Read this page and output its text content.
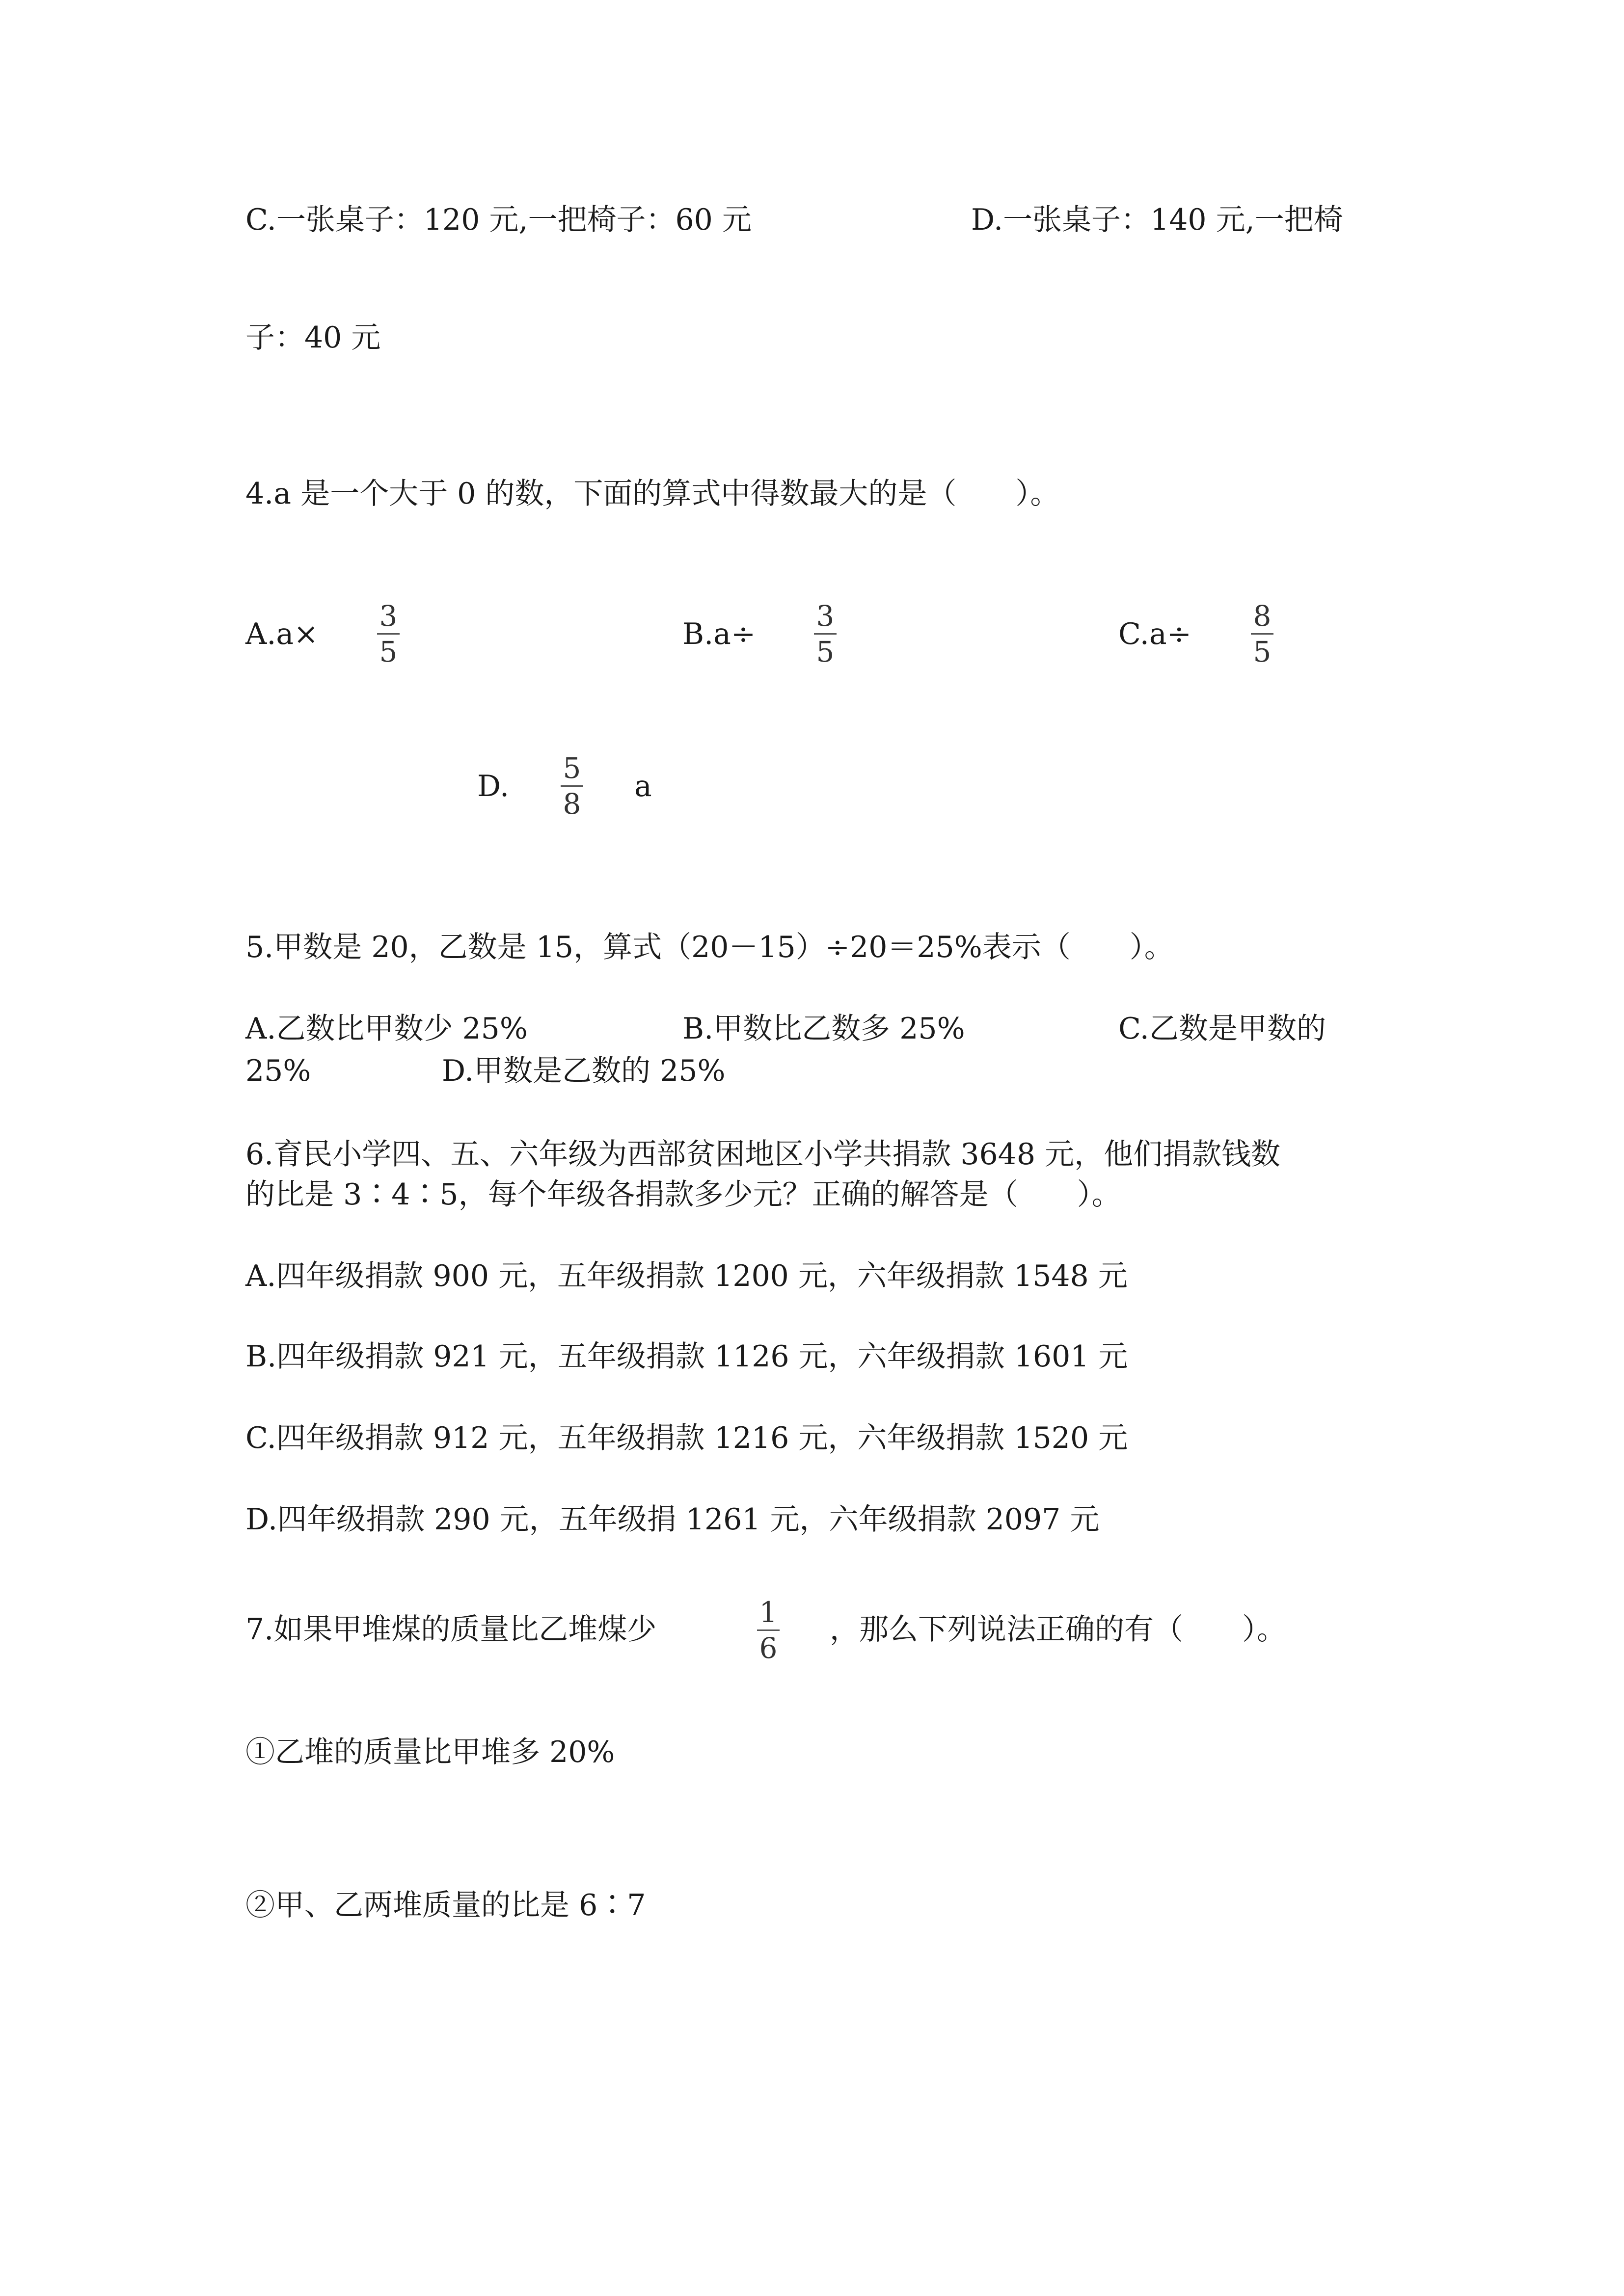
C.一张桌子：120 元,一把椅子：60 元	D.一张桌子：140 元,一把椅
子：40 元
4.a 是一个大于 0 的数，下面的算式中得数最大的是（　　）。
A.a×
3
5
B.a÷
3
5
C.a÷
8
5
D.
5
8
a
5.甲数是 20，乙数是 15，算式（20－15）÷20＝25%表示（　　）。
A.乙数比甲数少 25%	B.甲数比乙数多 25%	C.乙数是甲数的
25%	D.甲数是乙数的 25%
6.育民小学四、五、六年级为西部贫困地区小学共捐款 3648 元，他们捐款钱数
的比是 3∶4∶5，每个年级各捐款多少元？正确的解答是（　　）。
A.四年级捐款 900 元，五年级捐款 1200 元，六年级捐款 1548 元
B.四年级捐款 921 元，五年级捐款 1126 元，六年级捐款 1601 元
C.四年级捐款 912 元，五年级捐款 1216 元，六年级捐款 1520 元
D.四年级捐款 290 元，五年级捐 1261 元，六年级捐款 2097 元
7.如果甲堆煤的质量比乙堆煤少	1
6
，那么下列说法正确的有（　　）。
①乙堆的质量比甲堆多 20%
②甲、乙两堆质量的比是 6∶7
